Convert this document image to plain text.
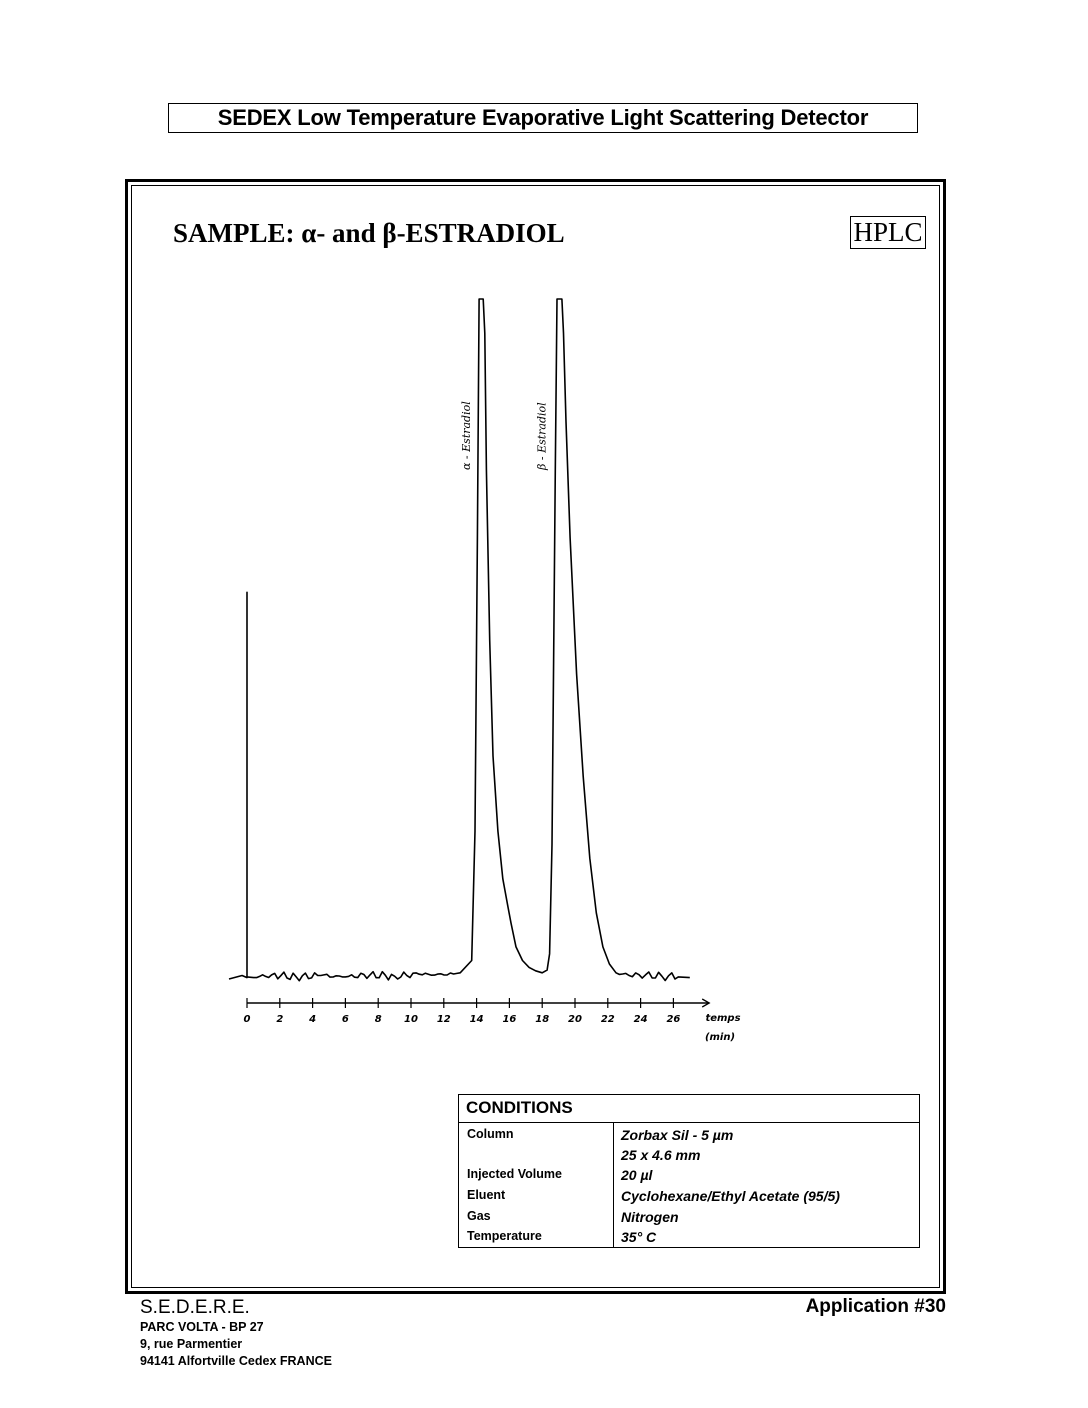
SEDEX Low Temperature Evaporative Light Scattering Detector
SAMPLE: α- and β-ESTRADIOL	HPLC
0	2	4	6	8 10 12 14 16 18 20 22 24 26	temps
(min)
α - Estradiol	β - Estradiol
CONDITIONS
Column	Zorbax Sil - 5 µm
25 x 4.6 mm
Injected Volume	20 µl
Eluent	Cyclohexane/Ethyl Acetate (95/5)
Gas	Nitrogen
Temperature	35° C
S.E.D.E.R.E.
PARC VOLTA - BP 27
9, rue Parmentier
94141 Alfortville Cedex FRANCE
Application #30
